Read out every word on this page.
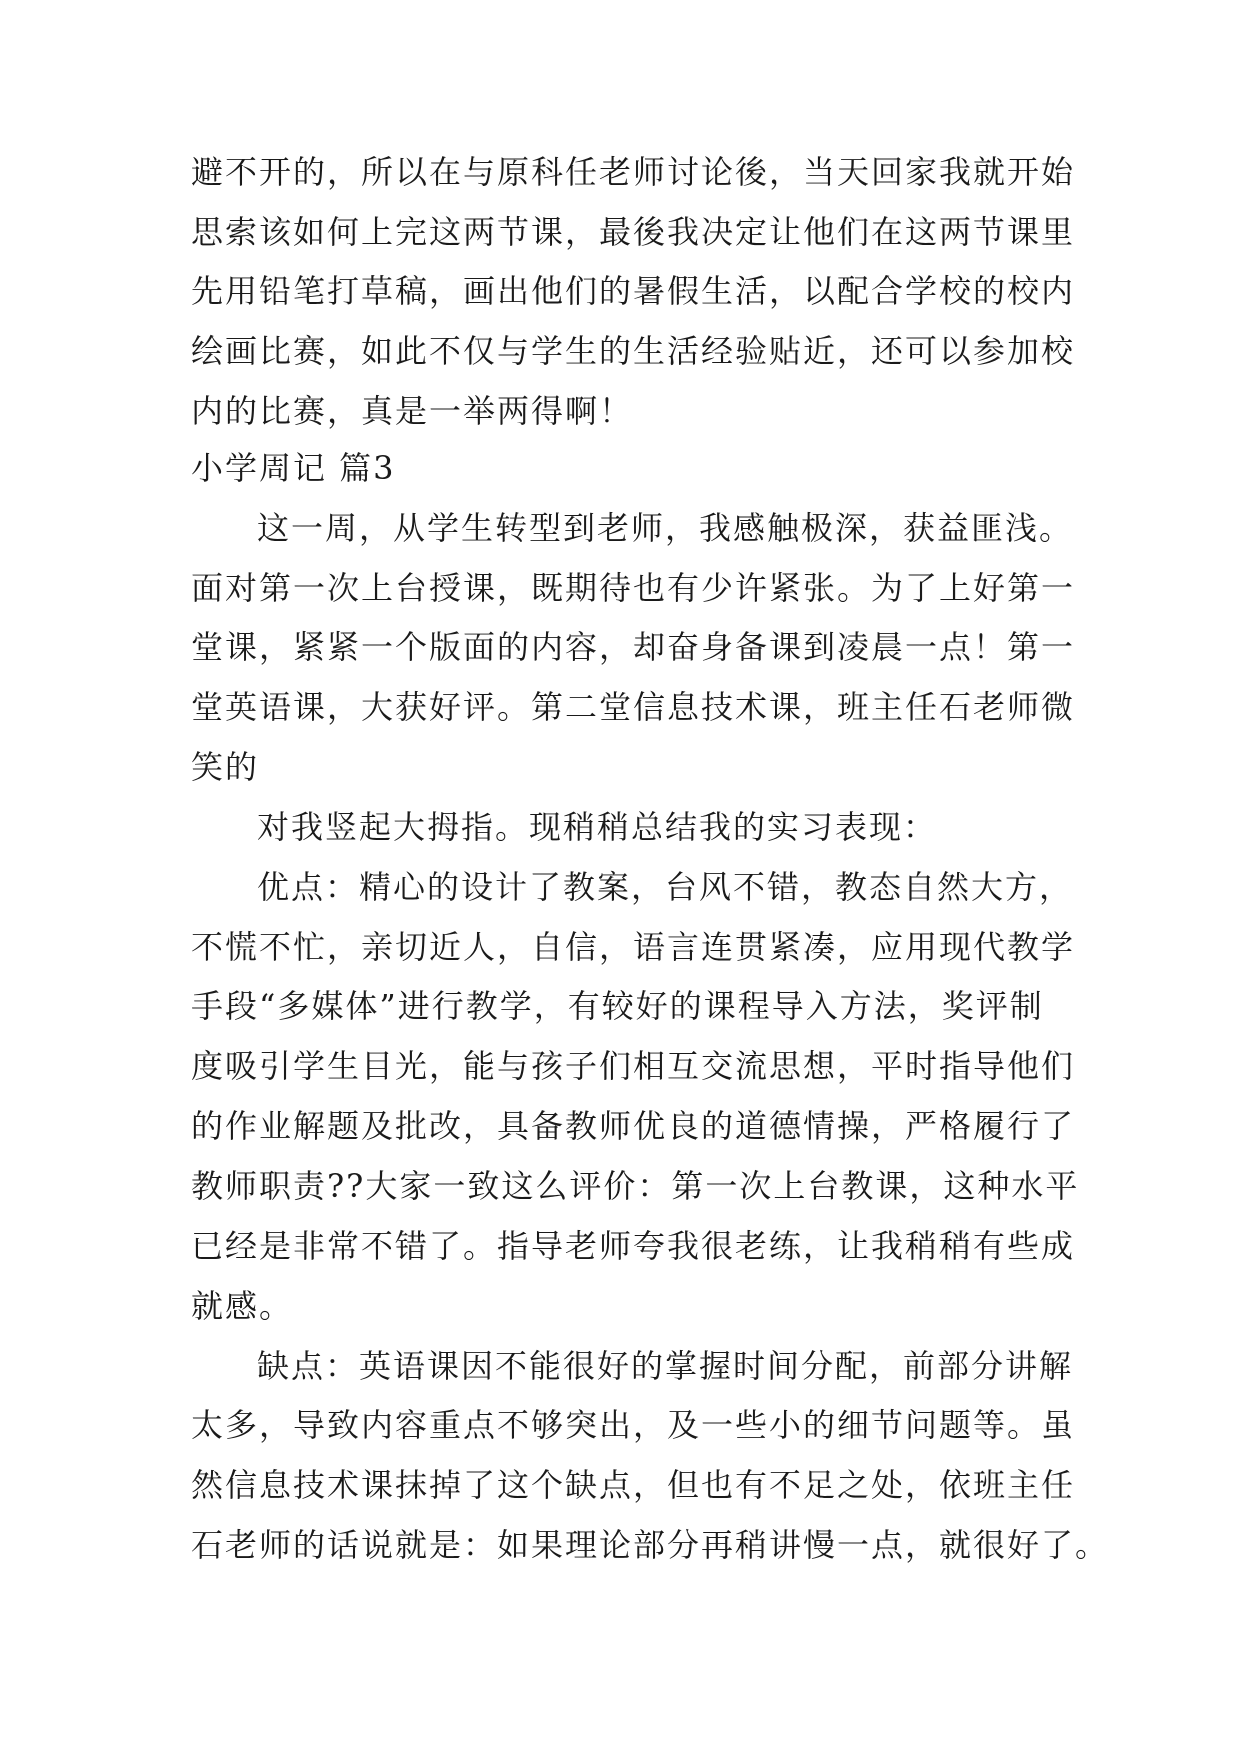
避不开的，所以在与原科任老师讨论後，当天回家我就开始
思索该如何上完这两节课，最後我决定让他们在这两节课里
先用铅笔打草稿，画出他们的暑假生活，以配合学校的校内
绘画比赛，如此不仅与学生的生活经验贴近，还可以参加校
内的比赛，真是一举两得啊！
小学周记 篇3
这一周，从学生转型到老师，我感触极深，获益匪浅。
面对第一次上台授课，既期待也有少许紧张。为了上好第一
堂课，紧紧一个版面的内容，却奋身备课到凌晨一点！第一
堂英语课，大获好评。第二堂信息技术课，班主任石老师微
笑的
对我竖起大拇指。现稍稍总结我的实习表现：
优点：精心的设计了教案，台风不错，教态自然大方，
不慌不忙，亲切近人，自信，语言连贯紧凑，应用现代教学
手段“多媒体”进行教学，有较好的课程导入方法，奖评制
度吸引学生目光，能与孩子们相互交流思想，平时指导他们
的作业解题及批改，具备教师优良的道德情操，严格履行了
教师职责??大家一致这么评价：第一次上台教课，这种水平
已经是非常不错了。指导老师夸我很老练，让我稍稍有些成
就感。
缺点：英语课因不能很好的掌握时间分配，前部分讲解
太多，导致内容重点不够突出，及一些小的细节问题等。虽
然信息技术课抹掉了这个缺点，但也有不足之处，依班主任
石老师的话说就是：如果理论部分再稍讲慢一点，就很好了。
